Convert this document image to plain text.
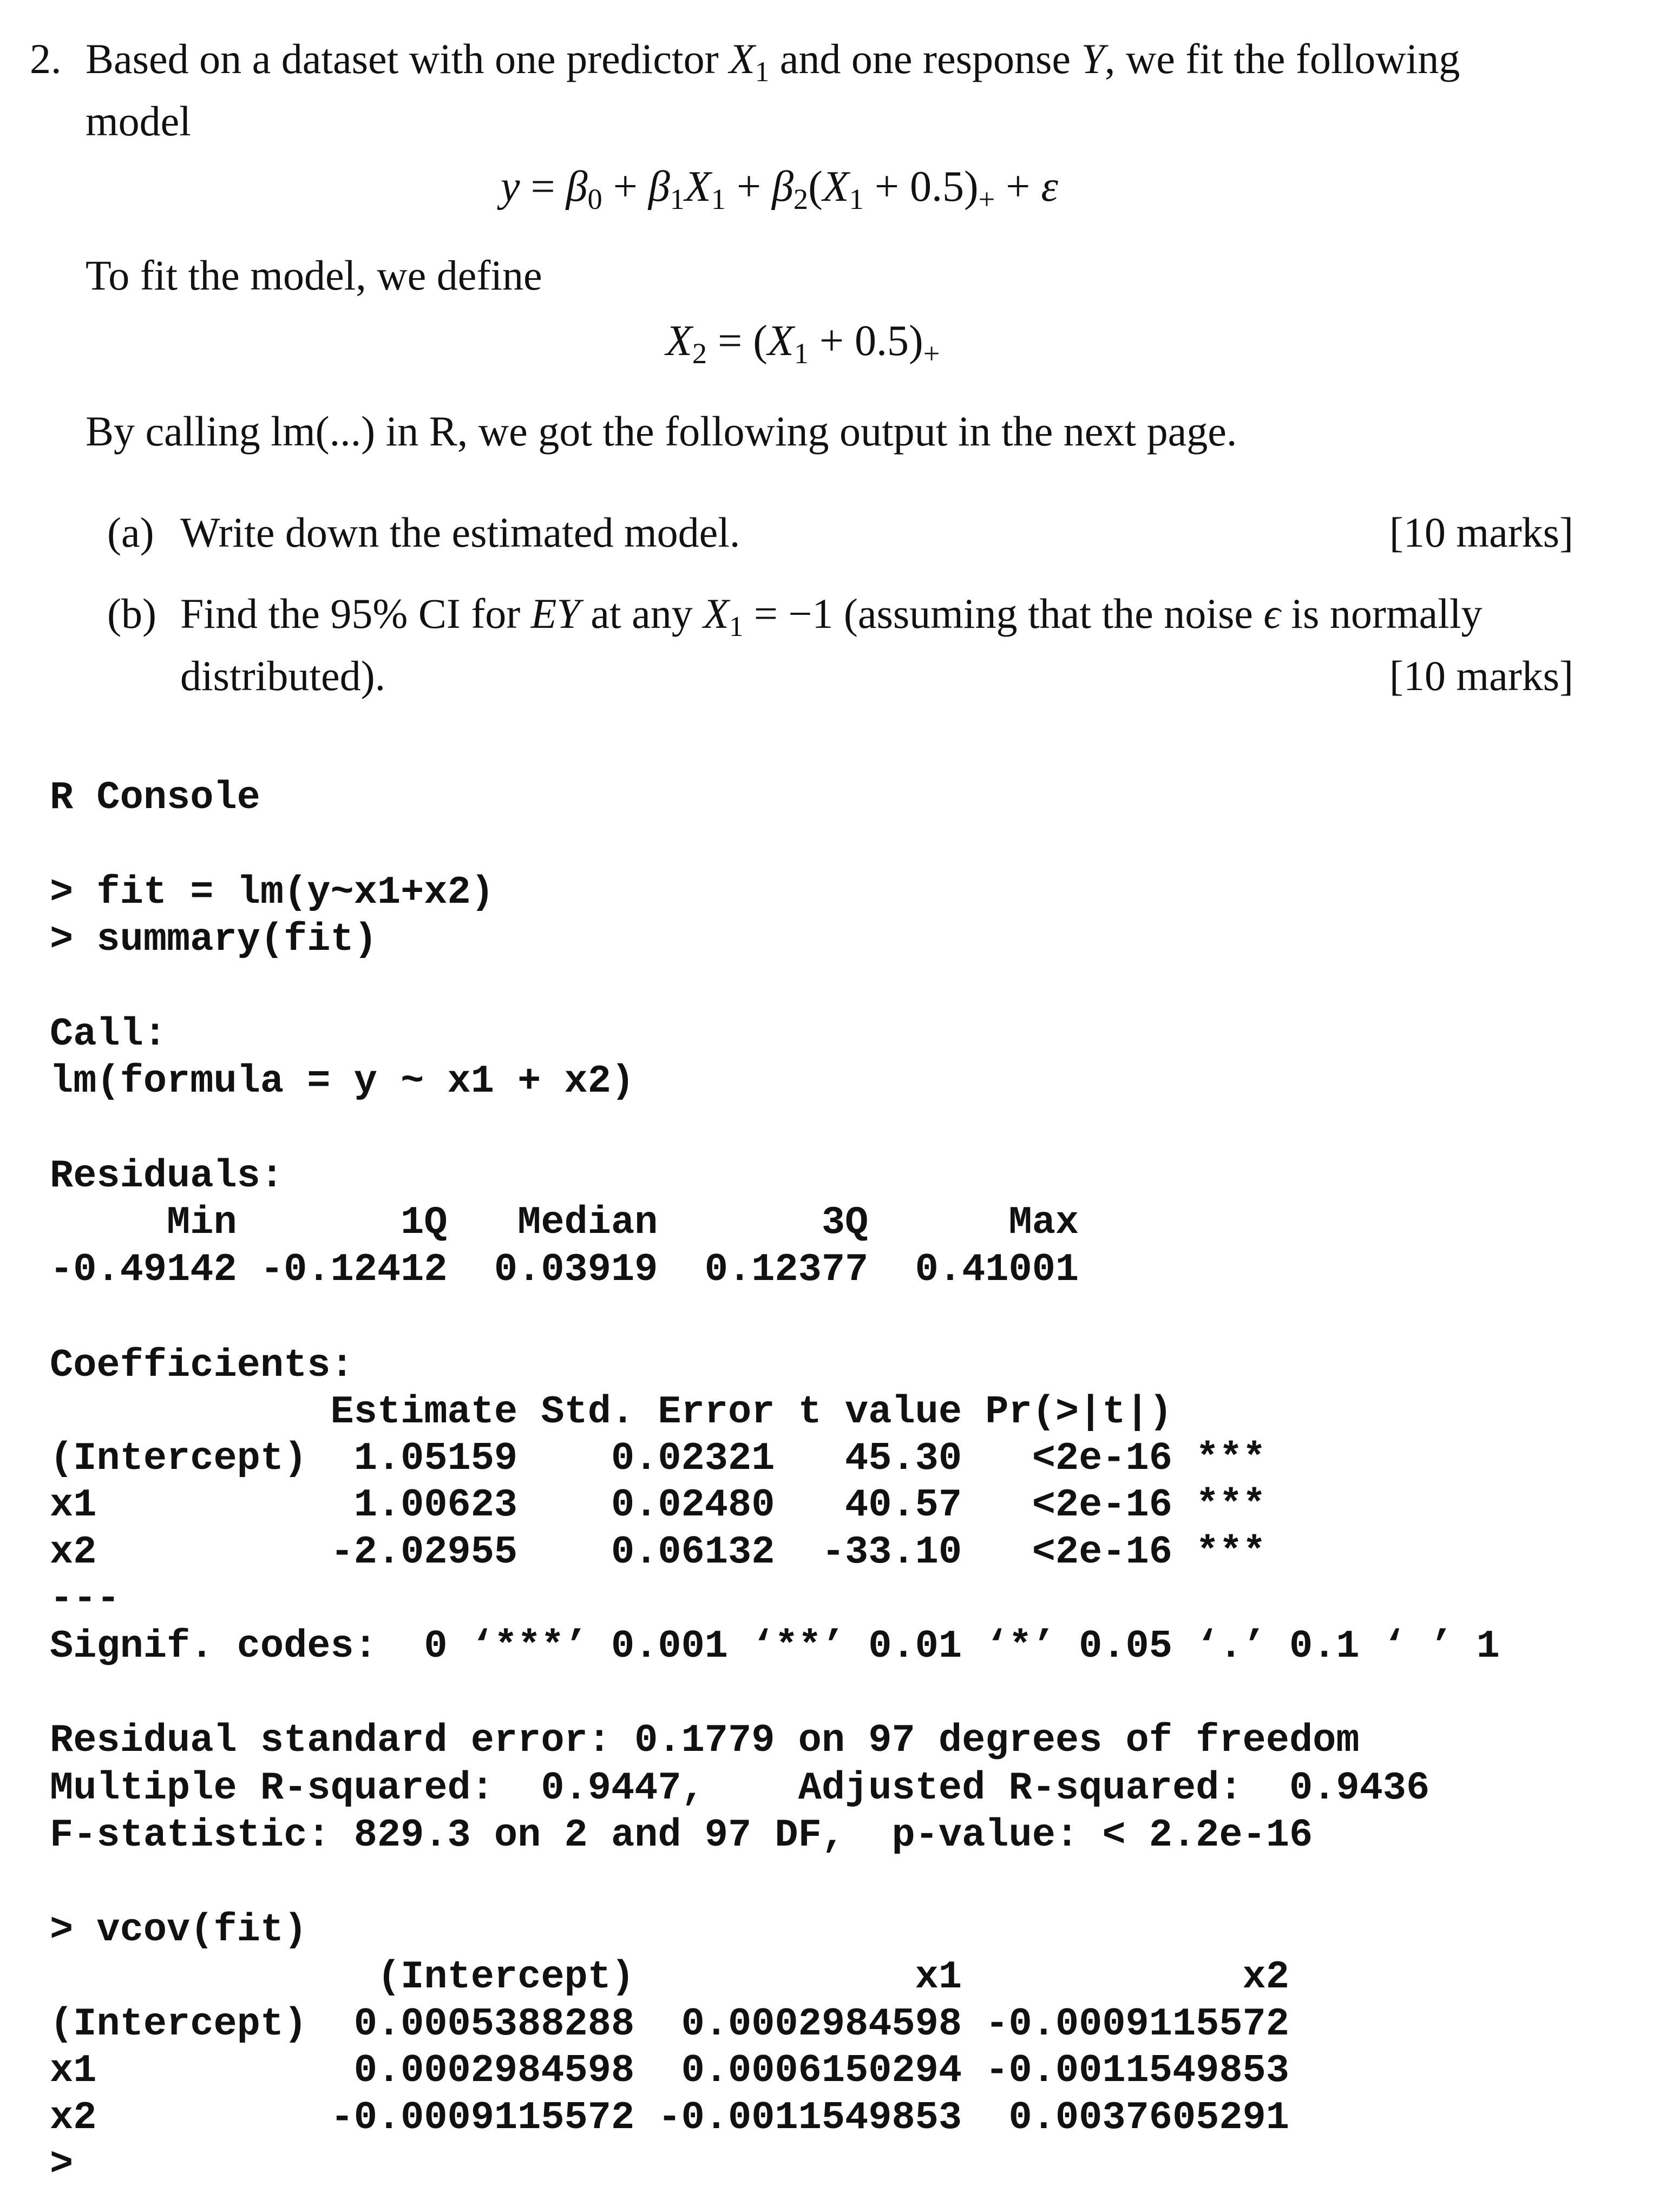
2. Based on a dataset with one predictor $X_1$ and one response Y, we fit the following
model
$y = \beta_0 + \beta_1X_1 + \beta_2(X_1 + 0.5)_+ + \varepsilon$
To fit the model, we define
$X_2 = (X_1 + 0.5)_+$
By calling lm(...) in R, we got the following output in the next page.
(a) Write down the estimated model.	[10 marks]
(b) Find the 95% CI for EY at any $X_1 = -1$ (assuming that the noise ϵ is normally
distributed).	[10 marks]
R Console
> fit = lm(y~x1+x2)
> summary(fit)
Call:
lm(formula = y ~ x1 + x2)
Residuals:
Min       1Q   Median       3Q      Max
-0.49142 -0.12412  0.03919  0.12377  0.41001
Coefficients:
Estimate Std. Error t value Pr(>|t|)
(Intercept)  1.05159    0.02321   45.30   <2e-16 ***
x1           1.00623    0.02480   40.57   <2e-16 ***
x2          -2.02955    0.06132  -33.10   <2e-16 ***
---
Signif. codes:  0 ‘***’ 0.001 ‘**’ 0.01 ‘*’ 0.05 ‘.’ 0.1 ‘ ’ 1
Residual standard error: 0.1779 on 97 degrees of freedom
Multiple R-squared:  0.9447,    Adjusted R-squared:  0.9436
F-statistic: 829.3 on 2 and 97 DF,  p-value: < 2.2e-16
> vcov(fit)
(Intercept)            x1            x2
(Intercept)  0.0005388288  0.0002984598 -0.0009115572
x1           0.0002984598  0.0006150294 -0.0011549853
x2          -0.0009115572 -0.0011549853  0.0037605291
>
